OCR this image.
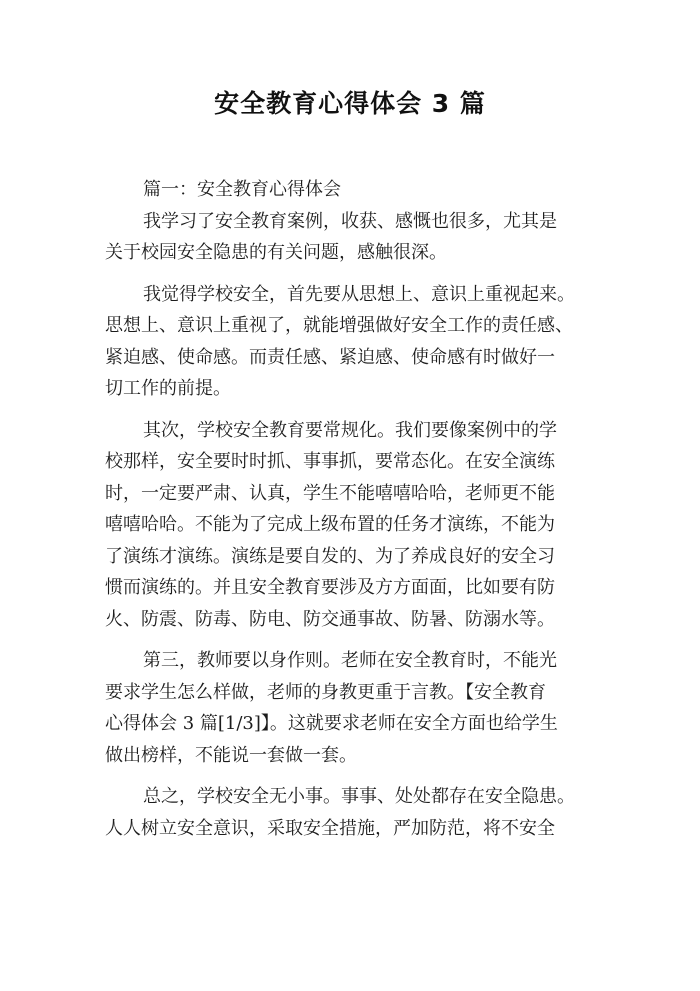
安全教育心得体会 3 篇
篇一：安全教育心得体会
我学习了安全教育案例，收获、感慨也很多，尤其是
关于校园安全隐患的有关问题，感触很深。
我觉得学校安全，首先要从思想上、意识上重视起来。
思想上、意识上重视了，就能增强做好安全工作的责任感、
紧迫感、使命感。而责任感、紧迫感、使命感有时做好一
切工作的前提。
其次，学校安全教育要常规化。我们要像案例中的学
校那样，安全要时时抓、事事抓，要常态化。在安全演练
时，一定要严肃、认真，学生不能嘻嘻哈哈，老师更不能
嘻嘻哈哈。不能为了完成上级布置的任务才演练，不能为
了演练才演练。演练是要自发的、为了养成良好的安全习
惯而演练的。并且安全教育要涉及方方面面，比如要有防
火、防震、防毒、防电、防交通事故、防暑、防溺水等。
第三，教师要以身作则。老师在安全教育时，不能光
要求学生怎么样做，老师的身教更重于言教。【安全教育
心得体会 3 篇[1/3]】。这就要求老师在安全方面也给学生
做出榜样，不能说一套做一套。
总之，学校安全无小事。事事、处处都存在安全隐患。
人人树立安全意识，采取安全措施，严加防范，将不安全
